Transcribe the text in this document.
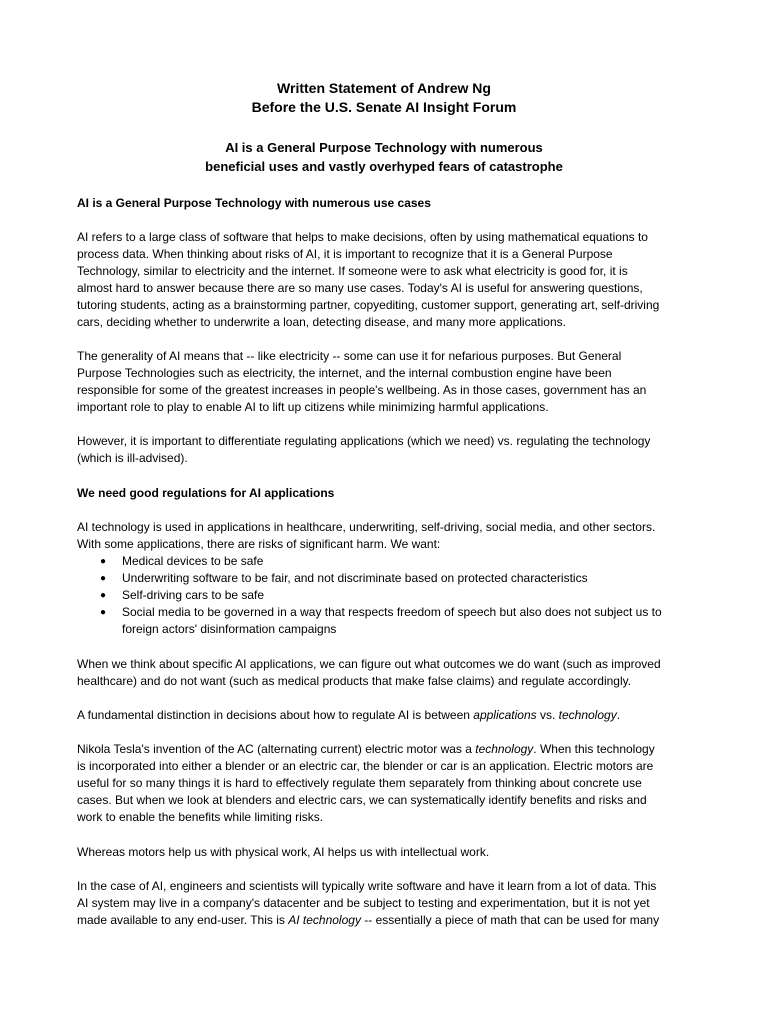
Written Statement of Andrew Ng

Before the U.S. Senate AI Insight Forum

AI is a General Purpose Technology with numerous

beneficial uses and vastly overhyped fears of catastrophe

AI is a General Purpose Technology with numerous use cases

AI refers to a large class of software that helps to make decisions, often by using mathematical equations to
process data. When thinking about risks of AI, it is important to recognize that it is a General Purpose
Technology, similar to electricity and the internet. If someone were to ask what electricity is good for, it is
almost hard to answer because there are so many use cases. Today's AI is useful for answering questions,
tutoring students, acting as a brainstorming partner, copyediting, customer support, generating art, self-driving
cars, deciding whether to underwrite a loan, detecting disease, and many more applications.
The generality of AI means that -- like electricity -- some can use it for nefarious purposes. But General
Purpose Technologies such as electricity, the internet, and the internal combustion engine have been
responsible for some of the greatest increases in people's wellbeing. As in those cases, government has an
important role to play to enable AI to lift up citizens while minimizing harmful applications.
However, it is important to differentiate regulating applications (which we need) vs. regulating the technology
(which is ill-advised).

We need good regulations for AI applications

AI technology is used in applications in healthcare, underwriting, self-driving, social media, and other sectors.
With some applications, there are risks of significant harm. We want:
● Medical devices to be safe
● Underwriting software to be fair, and not discriminate based on protected characteristics
● Self-driving cars to be safe
● Social media to be governed in a way that respects freedom of speech but also does not subject us to
foreign actors' disinformation campaigns
When we think about specific AI applications, we can figure out what outcomes we do want (such as improved
healthcare) and do not want (such as medical products that make false claims) and regulate accordingly.
A fundamental distinction in decisions about how to regulate AI is between applications vs. technology.
Nikola Tesla's invention of the AC (alternating current) electric motor was a technology. When this technology
is incorporated into either a blender or an electric car, the blender or car is an application. Electric motors are
useful for so many things it is hard to effectively regulate them separately from thinking about concrete use
cases. But when we look at blenders and electric cars, we can systematically identify benefits and risks and
work to enable the benefits while limiting risks.
Whereas motors help us with physical work, AI helps us with intellectual work.
In the case of AI, engineers and scientists will typically write software and have it learn from a lot of data. This
AI system may live in a company's datacenter and be subject to testing and experimentation, but it is not yet
made available to any end-user. This is AI technology -- essentially a piece of math that can be used for many
